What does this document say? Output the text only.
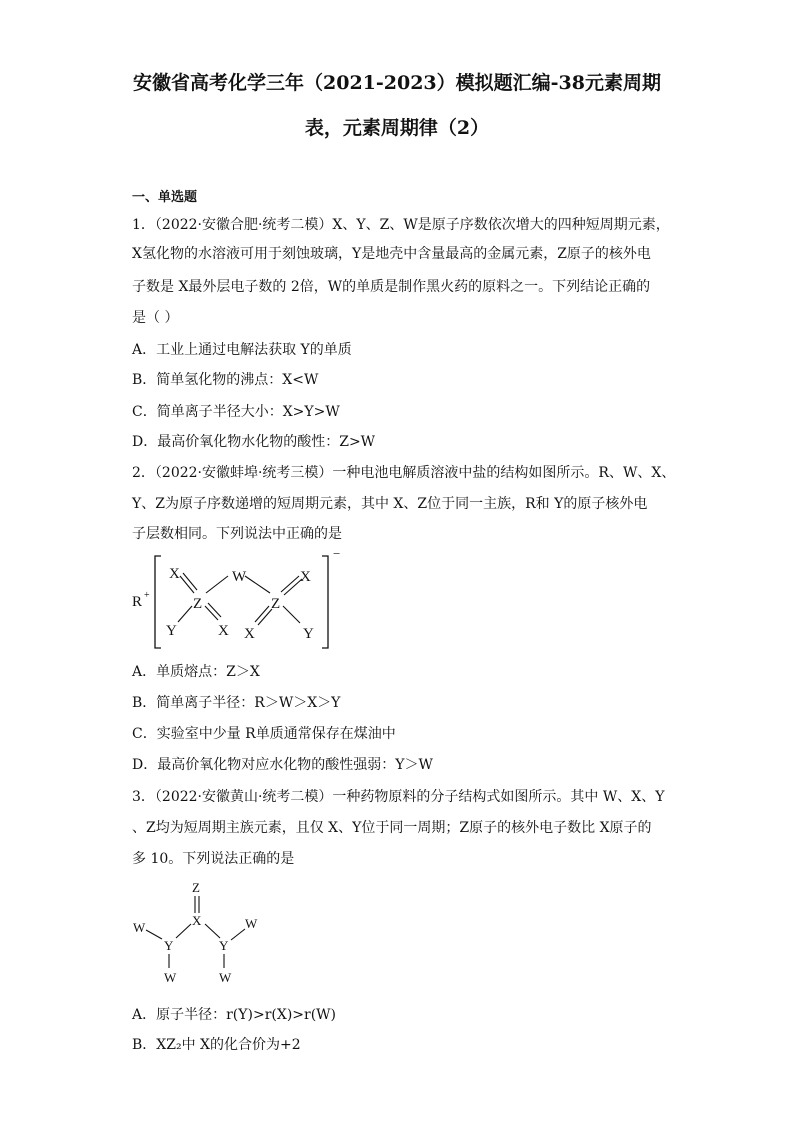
安徽省高考化学三年（2021-2023）模拟题汇编-38元素周期
表，元素周期律（2）
一、单选题
1．（2022·安徽合肥·统考二模）X、Y、Z、W是原子序数依次增大的四种短周期元素，
X氢化物的水溶液可用于刻蚀玻璃，Y是地壳中含量最高的金属元素，Z原子的核外电
子数是 X最外层电子数的 2倍，W的单质是制作黑火药的原料之一。下列结论正确的
是（ ）
A．工业上通过电解法获取 Y的单质
B．简单氢化物的沸点：X<W
C．简单离子半径大小：X>Y>W
D．最高价氧化物水化物的酸性：Z>W
2．（2022·安徽蚌埠·统考三模）一种电池电解质溶液中盐的结构如图所示。R、W、X、
Y、Z为原子序数递增的短周期元素，其中 X、Z位于同一主族，R和 Y的原子核外电
子层数相同。下列说法中正确的是
R +
−
X	W	X
Z	Z
Y	X X	Y
A．单质熔点：Z＞X
B．简单离子半径：R＞W＞X＞Y
C．实验室中少量 R单质通常保存在煤油中
D．最高价氧化物对应水化物的酸性强弱：Y＞W
3．（2022·安徽黄山·统考二模）一种药物原料的分子结构式如图所示。其中 W、X、Y
、Z均为短周期主族元素，且仅 X、Y位于同一周期；Z原子的核外电子数比 X原子的
多 10。下列说法正确的是
Z
X
W
Y	Y
W
W	W
A．原子半径：r(Y)>r(X)>r(W)
B．XZ₂中 X的化合价为+2
